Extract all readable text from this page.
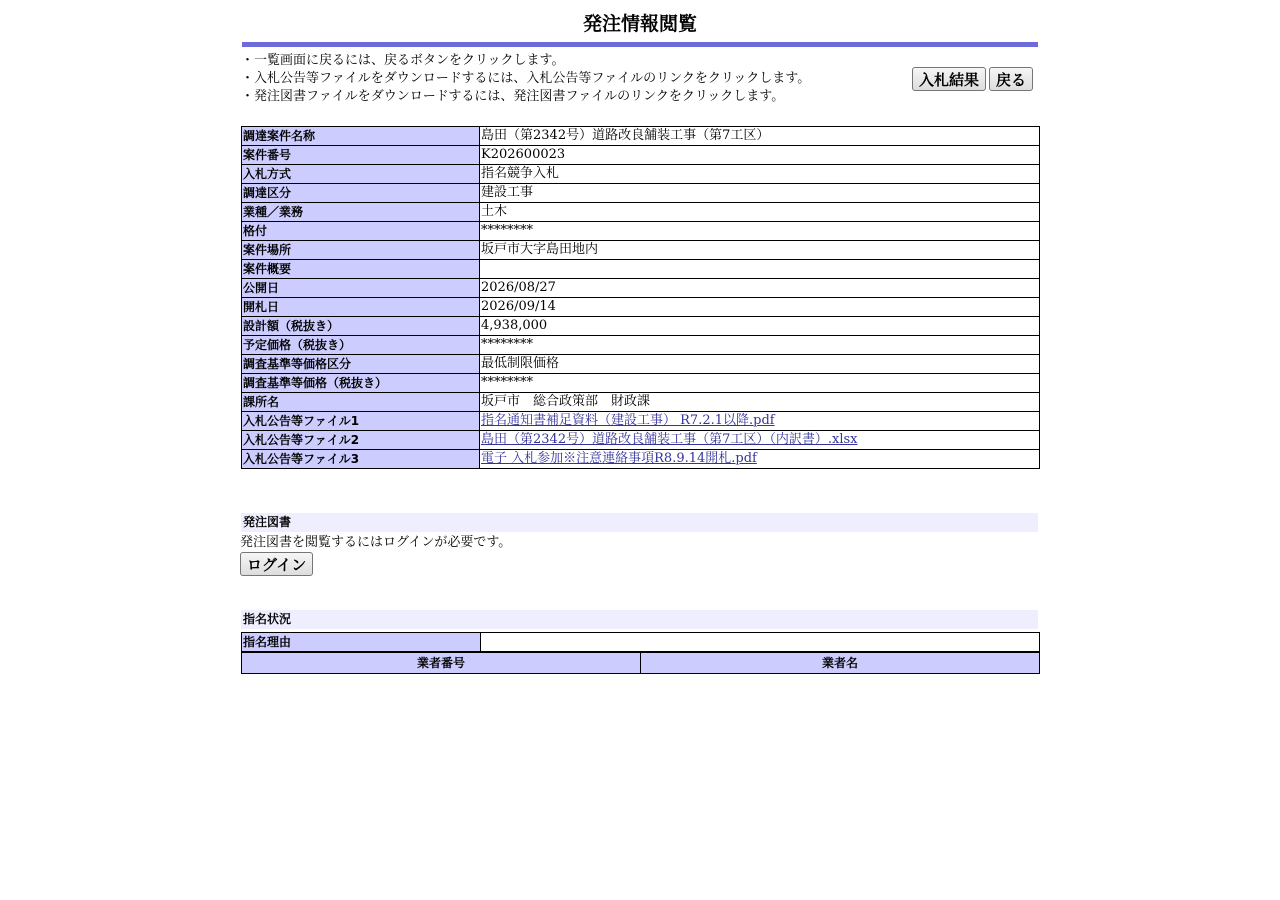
発注情報閲覧
・一覧画面に戻るには、戻るボタンをクリックします。
・入札公告等ファイルをダウンロードするには、入札公告等ファイルのリンクをクリックします。
・発注図書ファイルをダウンロードするには、発注図書ファイルのリンクをクリックします。
入札結果	戻る
調達案件名称	島田（第2342号）道路改良舗装工事（第7工区）
案件番号	K202600023
入札方式	指名競争入札
調達区分	建設工事
業種／業務	土木
格付	********
案件場所	坂戸市大字島田地内
案件概要	
公開日	2026/08/27
開札日	2026/09/14
設計額（税抜き）	4,938,000
予定価格（税抜き）	********
調査基準等価格区分	最低制限価格
調査基準等価格（税抜き）	********
課所名	坂戸市　総合政策部　財政課
入札公告等ファイル1	指名通知書補足資料（建設工事） R7.2.1以降.pdf
入札公告等ファイル2	島田（第2342号）道路改良舗装工事（第7工区）（内訳書）.xlsx
入札公告等ファイル3	電子 入札参加※注意連絡事項R8.9.14開札.pdf
発注図書
発注図書を閲覧するにはログインが必要です。
ログイン
指名状況
指名理由	
業者番号	業者名
